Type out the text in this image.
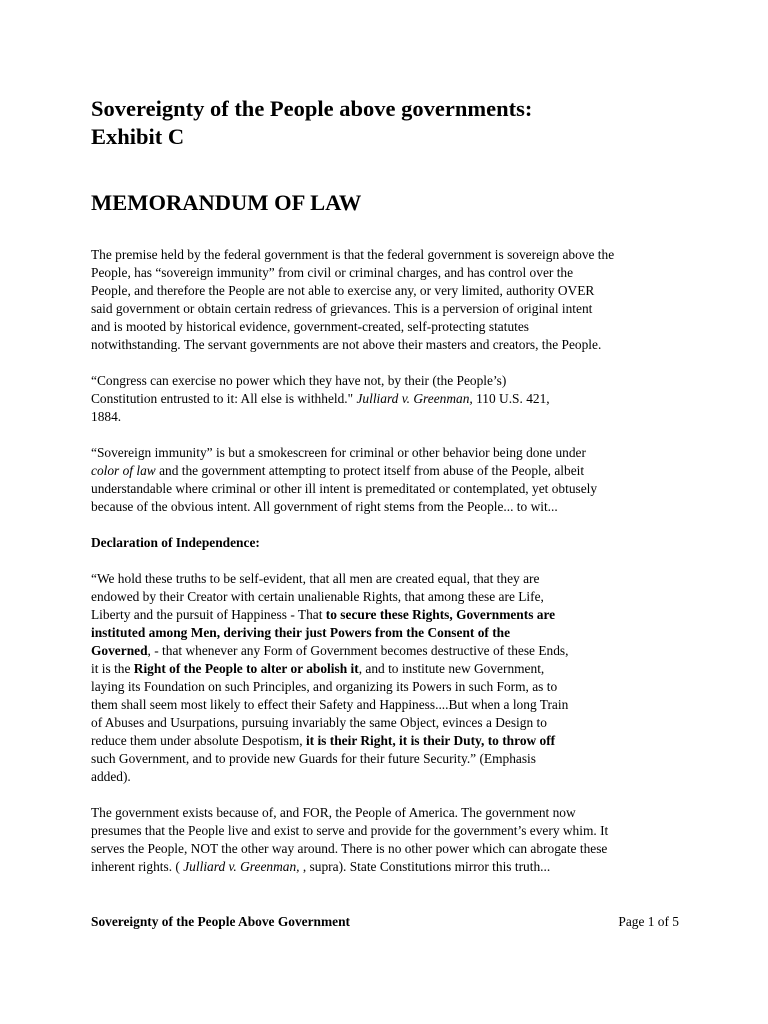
Sovereignty of the People above governments:
Exhibit C
MEMORANDUM OF LAW
The premise held by the federal government is that the federal government is sovereign above the
People, has “sovereign immunity” from civil or criminal charges, and has control over the
People, and therefore the People are not able to exercise any, or very limited, authority OVER
said government or obtain certain redress of grievances. This is a perversion of original intent
and is mooted by historical evidence, government-created, self-protecting statutes
notwithstanding. The servant governments are not above their masters and creators, the People.
“Congress can exercise no power which they have not, by their (the People’s)
Constitution entrusted to it: All else is withheld." Julliard v. Greenman, 110 U.S. 421,
1884.
“Sovereign immunity” is but a smokescreen for criminal or other behavior being done under
color of law and the government attempting to protect itself from abuse of the People, albeit
understandable where criminal or other ill intent is premeditated or contemplated, yet obtusely
because of the obvious intent. All government of right stems from the People... to wit...
Declaration of Independence:
“We hold these truths to be self-evident, that all men are created equal, that they are
endowed by their Creator with certain unalienable Rights, that among these are Life,
Liberty and the pursuit of Happiness - That to secure these Rights, Governments are
instituted among Men, deriving their just Powers from the Consent of the
Governed, - that whenever any Form of Government becomes destructive of these Ends,
it is the Right of the People to alter or abolish it, and to institute new Government,
laying its Foundation on such Principles, and organizing its Powers in such Form, as to
them shall seem most likely to effect their Safety and Happiness....But when a long Train
of Abuses and Usurpations, pursuing invariably the same Object, evinces a Design to
reduce them under absolute Despotism, it is their Right, it is their Duty, to throw off
such Government, and to provide new Guards for their future Security.” (Emphasis
added).
The government exists because of, and FOR, the People of America. The government now
presumes that the People live and exist to serve and provide for the government’s every whim. It
serves the People, NOT the other way around. There is no other power which can abrogate these
inherent rights. ( Julliard v. Greenman, , supra). State Constitutions mirror this truth...
Sovereignty of the People Above Government	Page 1 of 5
